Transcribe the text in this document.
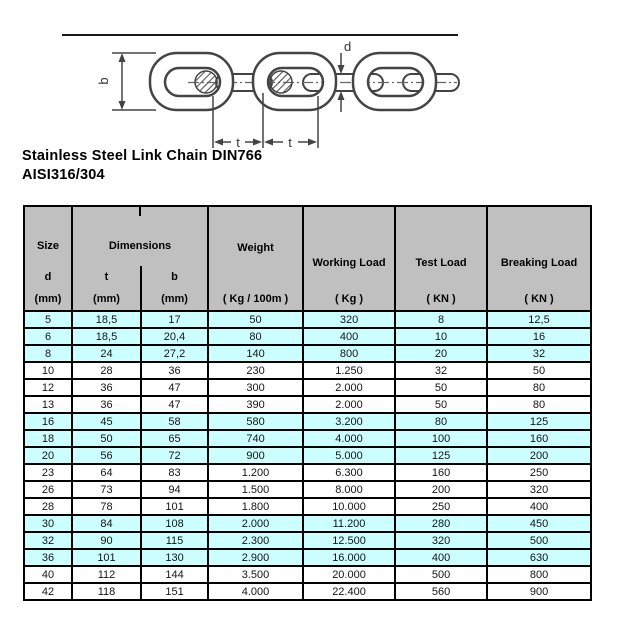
b
d
t	t
Stainless Steel Link Chain DIN766
AISI316/304
Size	Dimensions		Weight	Working Load	Test Load	Breaking Load
d	t	b				
(mm)	(mm)	(mm)	( Kg / 100m )	( Kg )	( KN )	( KN )
5	18,5	17	50	320	8	12,5
6	18,5	20,4	80	400	10	16
8	24	27,2	140	800	20	32
10	28	36	230	1.250	32	50
12	36	47	300	2.000	50	80
13	36	47	390	2.000	50	80
16	45	58	580	3.200	80	125
18	50	65	740	4.000	100	160
20	56	72	900	5.000	125	200
23	64	83	1.200	6.300	160	250
26	73	94	1.500	8.000	200	320
28	78	101	1.800	10.000	250	400
30	84	108	2.000	11.200	280	450
32	90	115	2.300	12.500	320	500
36	101	130	2.900	16.000	400	630
40	112	144	3.500	20.000	500	800
42	118	151	4.000	22.400	560	900
